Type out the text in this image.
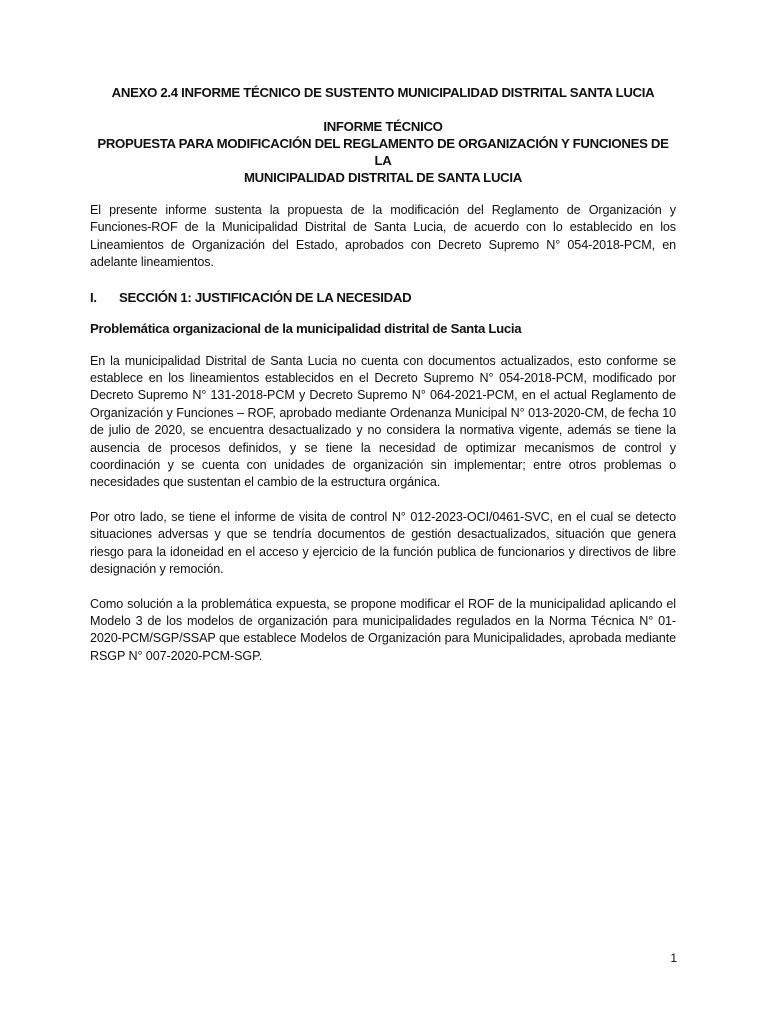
ANEXO 2.4 INFORME TÉCNICO DE SUSTENTO MUNICIPALIDAD DISTRITAL SANTA LUCIA
INFORME TÉCNICO
PROPUESTA PARA MODIFICACIÓN DEL REGLAMENTO DE ORGANIZACIÓN Y FUNCIONES DE LA
MUNICIPALIDAD DISTRITAL DE SANTA LUCIA

El presente informe sustenta la propuesta de la modificación del Reglamento de Organización y Funciones-ROF de la Municipalidad Distrital de Santa Lucia, de acuerdo con lo establecido en los Lineamientos de Organización del Estado, aprobados con Decreto Supremo N° 054-2018-PCM, en adelante lineamientos.

I.	SECCIÓN 1: JUSTIFICACIÓN DE LA NECESIDAD
Problemática organizacional de la municipalidad distrital de Santa Lucia

En la municipalidad Distrital de Santa Lucia no cuenta con documentos actualizados, esto conforme se establece en los lineamientos establecidos en el Decreto Supremo N° 054-2018-PCM, modificado por Decreto Supremo N° 131-2018-PCM y Decreto Supremo N° 064-2021-PCM, en el actual Reglamento de Organización y Funciones – ROF, aprobado mediante Ordenanza Municipal N° 013-2020-CM, de fecha 10 de julio de 2020, se encuentra desactualizado y no considera la normativa vigente, además se tiene la ausencia de procesos definidos, y se tiene la necesidad de optimizar mecanismos de control y coordinación y se cuenta con unidades de organización sin implementar; entre otros problemas o necesidades que sustentan el cambio de la estructura orgánica.

Por otro lado, se tiene el informe de visita de control N° 012-2023-OCI/0461-SVC, en el cual se detecto situaciones adversas y que se tendría documentos de gestión desactualizados, situación que genera riesgo para la idoneidad en el acceso y ejercicio de la función publica de funcionarios y directivos de libre designación y remoción.

Como solución a la problemática expuesta, se propone modificar el ROF de la municipalidad aplicando el Modelo 3 de los modelos de organización para municipalidades regulados en la Norma Técnica N° 01-2020-PCM/SGP/SSAP que establece Modelos de Organización para Municipalidades, aprobada mediante RSGP N° 007-2020-PCM-SGP.

1
